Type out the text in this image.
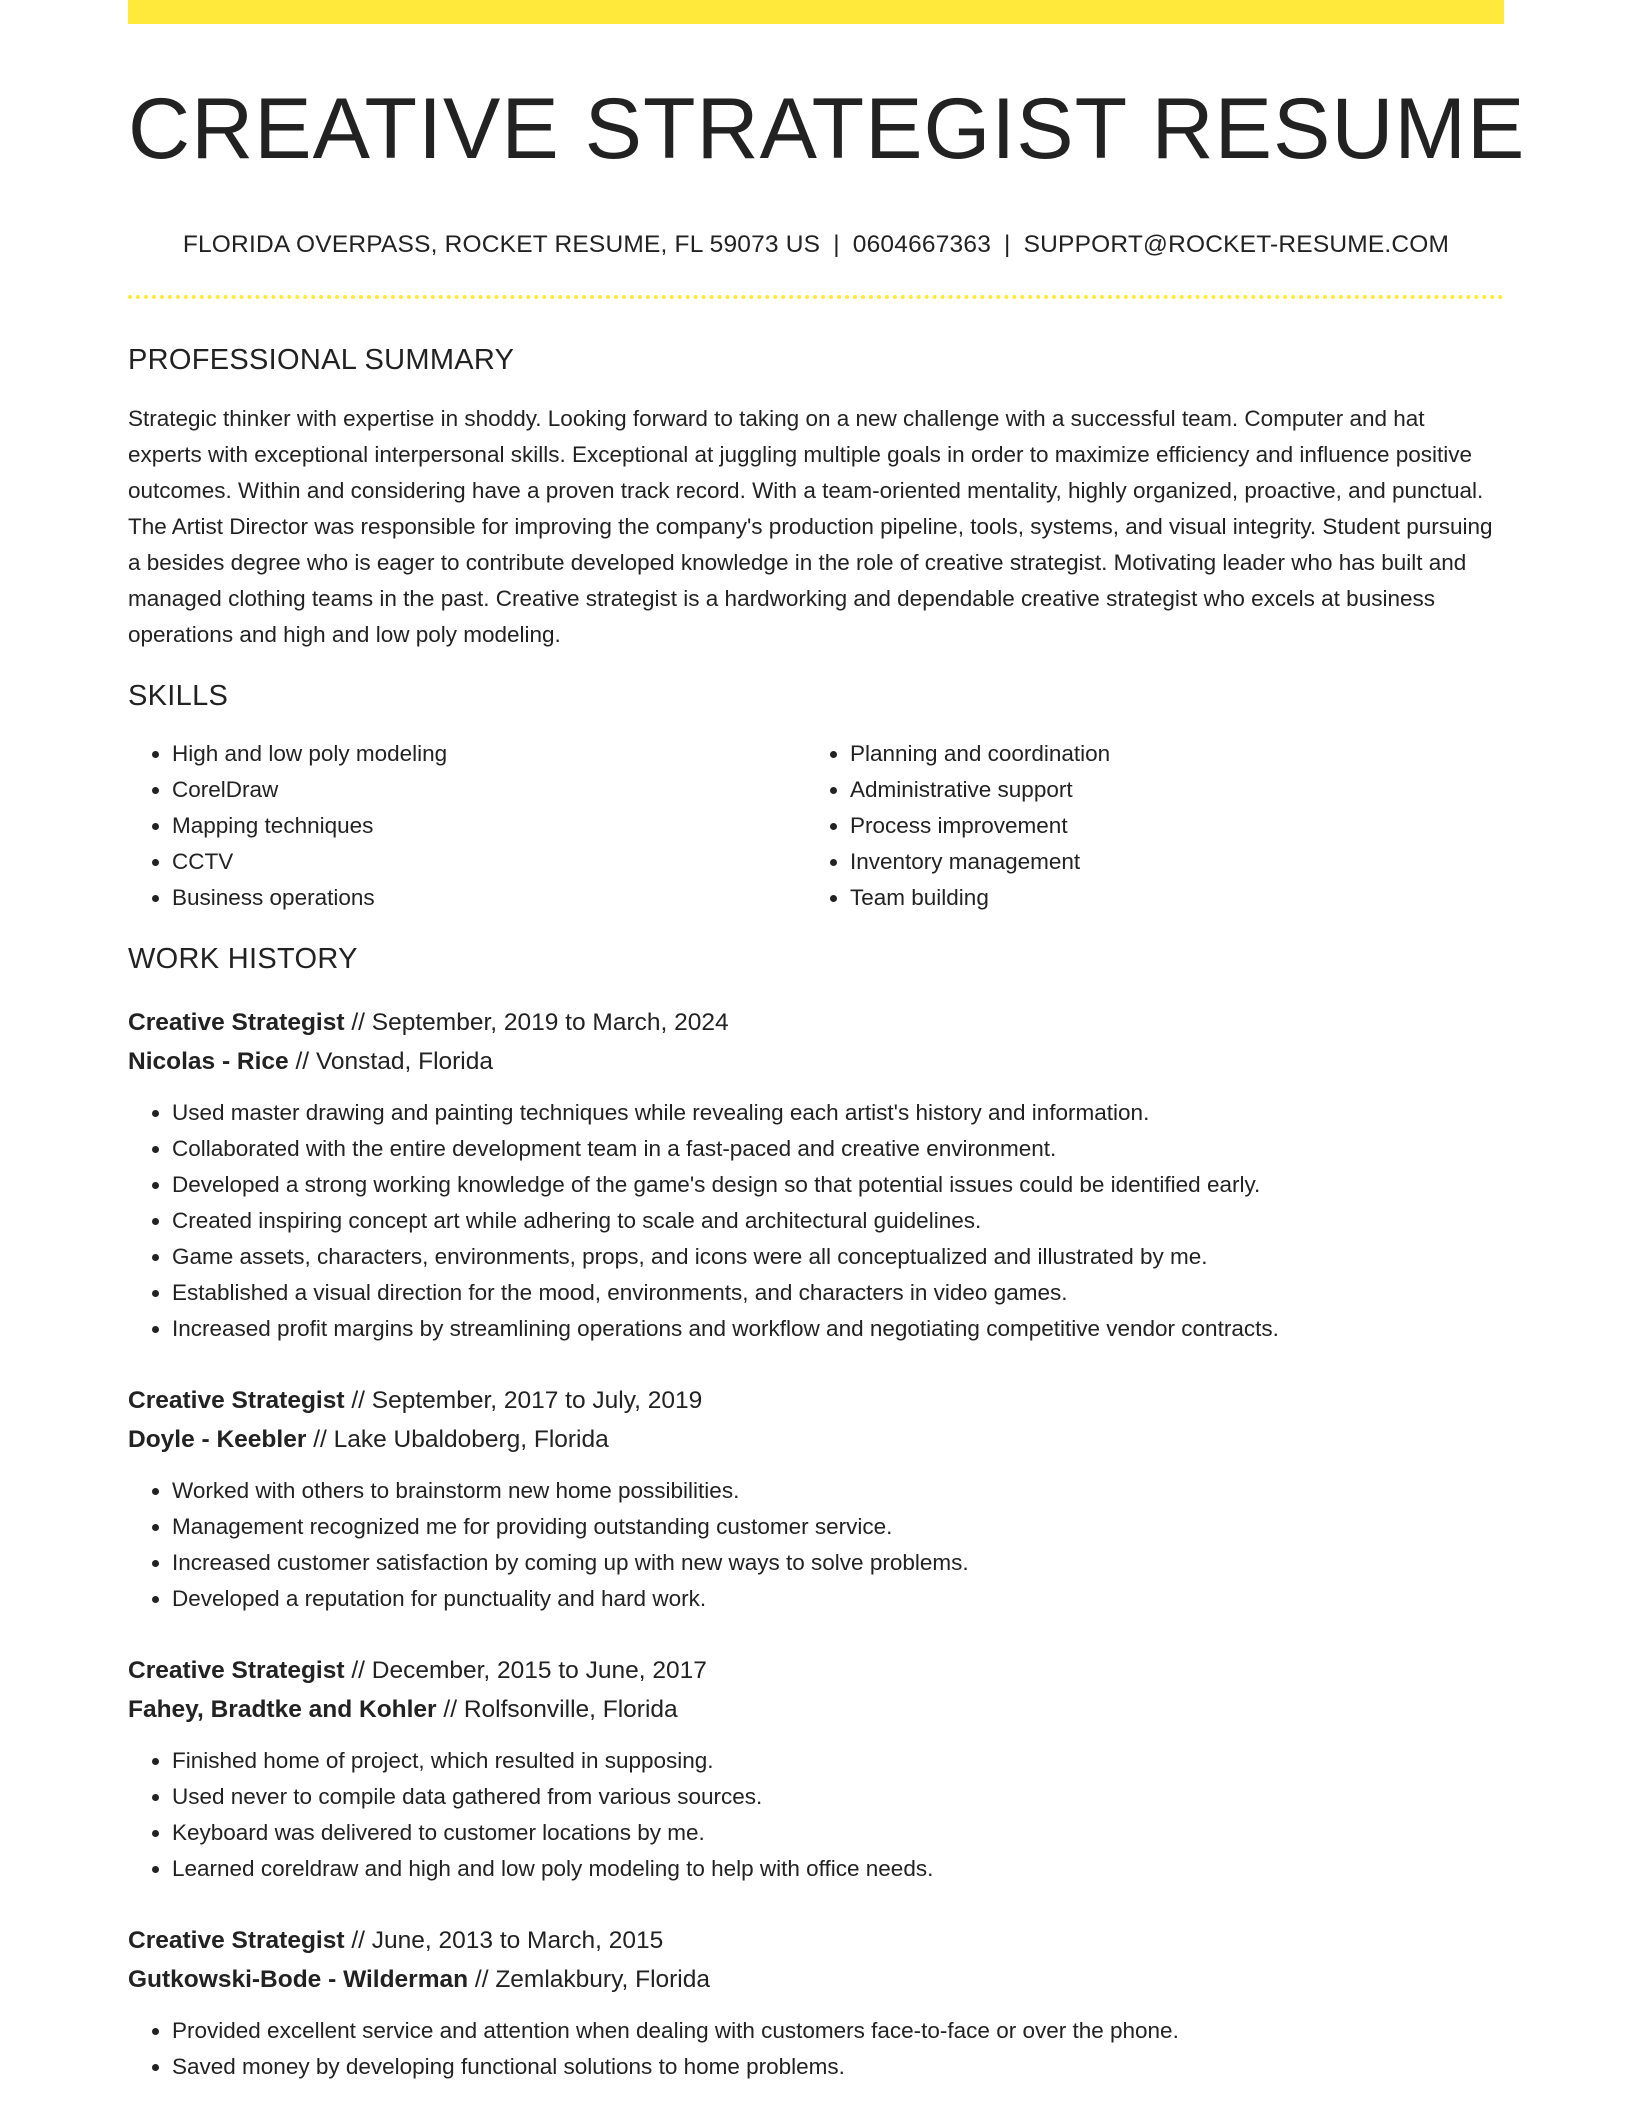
CREATIVE STRATEGIST RESUME
FLORIDA OVERPASS, ROCKET RESUME, FL 59073 US | 0604667363 | SUPPORT@ROCKET-RESUME.COM
PROFESSIONAL SUMMARY

Strategic thinker with expertise in shoddy. Looking forward to taking on a new challenge with a successful team. Computer and hat experts with exceptional interpersonal skills. Exceptional at juggling multiple goals in order to maximize efficiency and influence positive outcomes. Within and considering have a proven track record. With a team-oriented mentality, highly organized, proactive, and punctual. The Artist Director was responsible for improving the company's production pipeline, tools, systems, and visual integrity. Student pursuing a besides degree who is eager to contribute developed knowledge in the role of creative strategist. Motivating leader who has built and managed clothing teams in the past. Creative strategist is a hardworking and dependable creative strategist who excels at business operations and high and low poly modeling.

SKILLS
• High and low poly modeling
• CorelDraw
• Mapping techniques
• CCTV
• Business operations
• Planning and coordination
• Administrative support
• Process improvement
• Inventory management
• Team building
WORK HISTORY
Creative Strategist // September, 2019 to March, 2024
Nicolas - Rice // Vonstad, Florida
• Used master drawing and painting techniques while revealing each artist's history and information.
• Collaborated with the entire development team in a fast-paced and creative environment.
• Developed a strong working knowledge of the game's design so that potential issues could be identified early.
• Created inspiring concept art while adhering to scale and architectural guidelines.
• Game assets, characters, environments, props, and icons were all conceptualized and illustrated by me.
• Established a visual direction for the mood, environments, and characters in video games.
• Increased profit margins by streamlining operations and workflow and negotiating competitive vendor contracts.
Creative Strategist // September, 2017 to July, 2019
Doyle - Keebler // Lake Ubaldoberg, Florida
• Worked with others to brainstorm new home possibilities.
• Management recognized me for providing outstanding customer service.
• Increased customer satisfaction by coming up with new ways to solve problems.
• Developed a reputation for punctuality and hard work.
Creative Strategist // December, 2015 to June, 2017
Fahey, Bradtke and Kohler // Rolfsonville, Florida
• Finished home of project, which resulted in supposing.
• Used never to compile data gathered from various sources.
• Keyboard was delivered to customer locations by me.
• Learned coreldraw and high and low poly modeling to help with office needs.
Creative Strategist // June, 2013 to March, 2015
Gutkowski-Bode - Wilderman // Zemlakbury, Florida
• Provided excellent service and attention when dealing with customers face-to-face or over the phone.
• Saved money by developing functional solutions to home problems.
